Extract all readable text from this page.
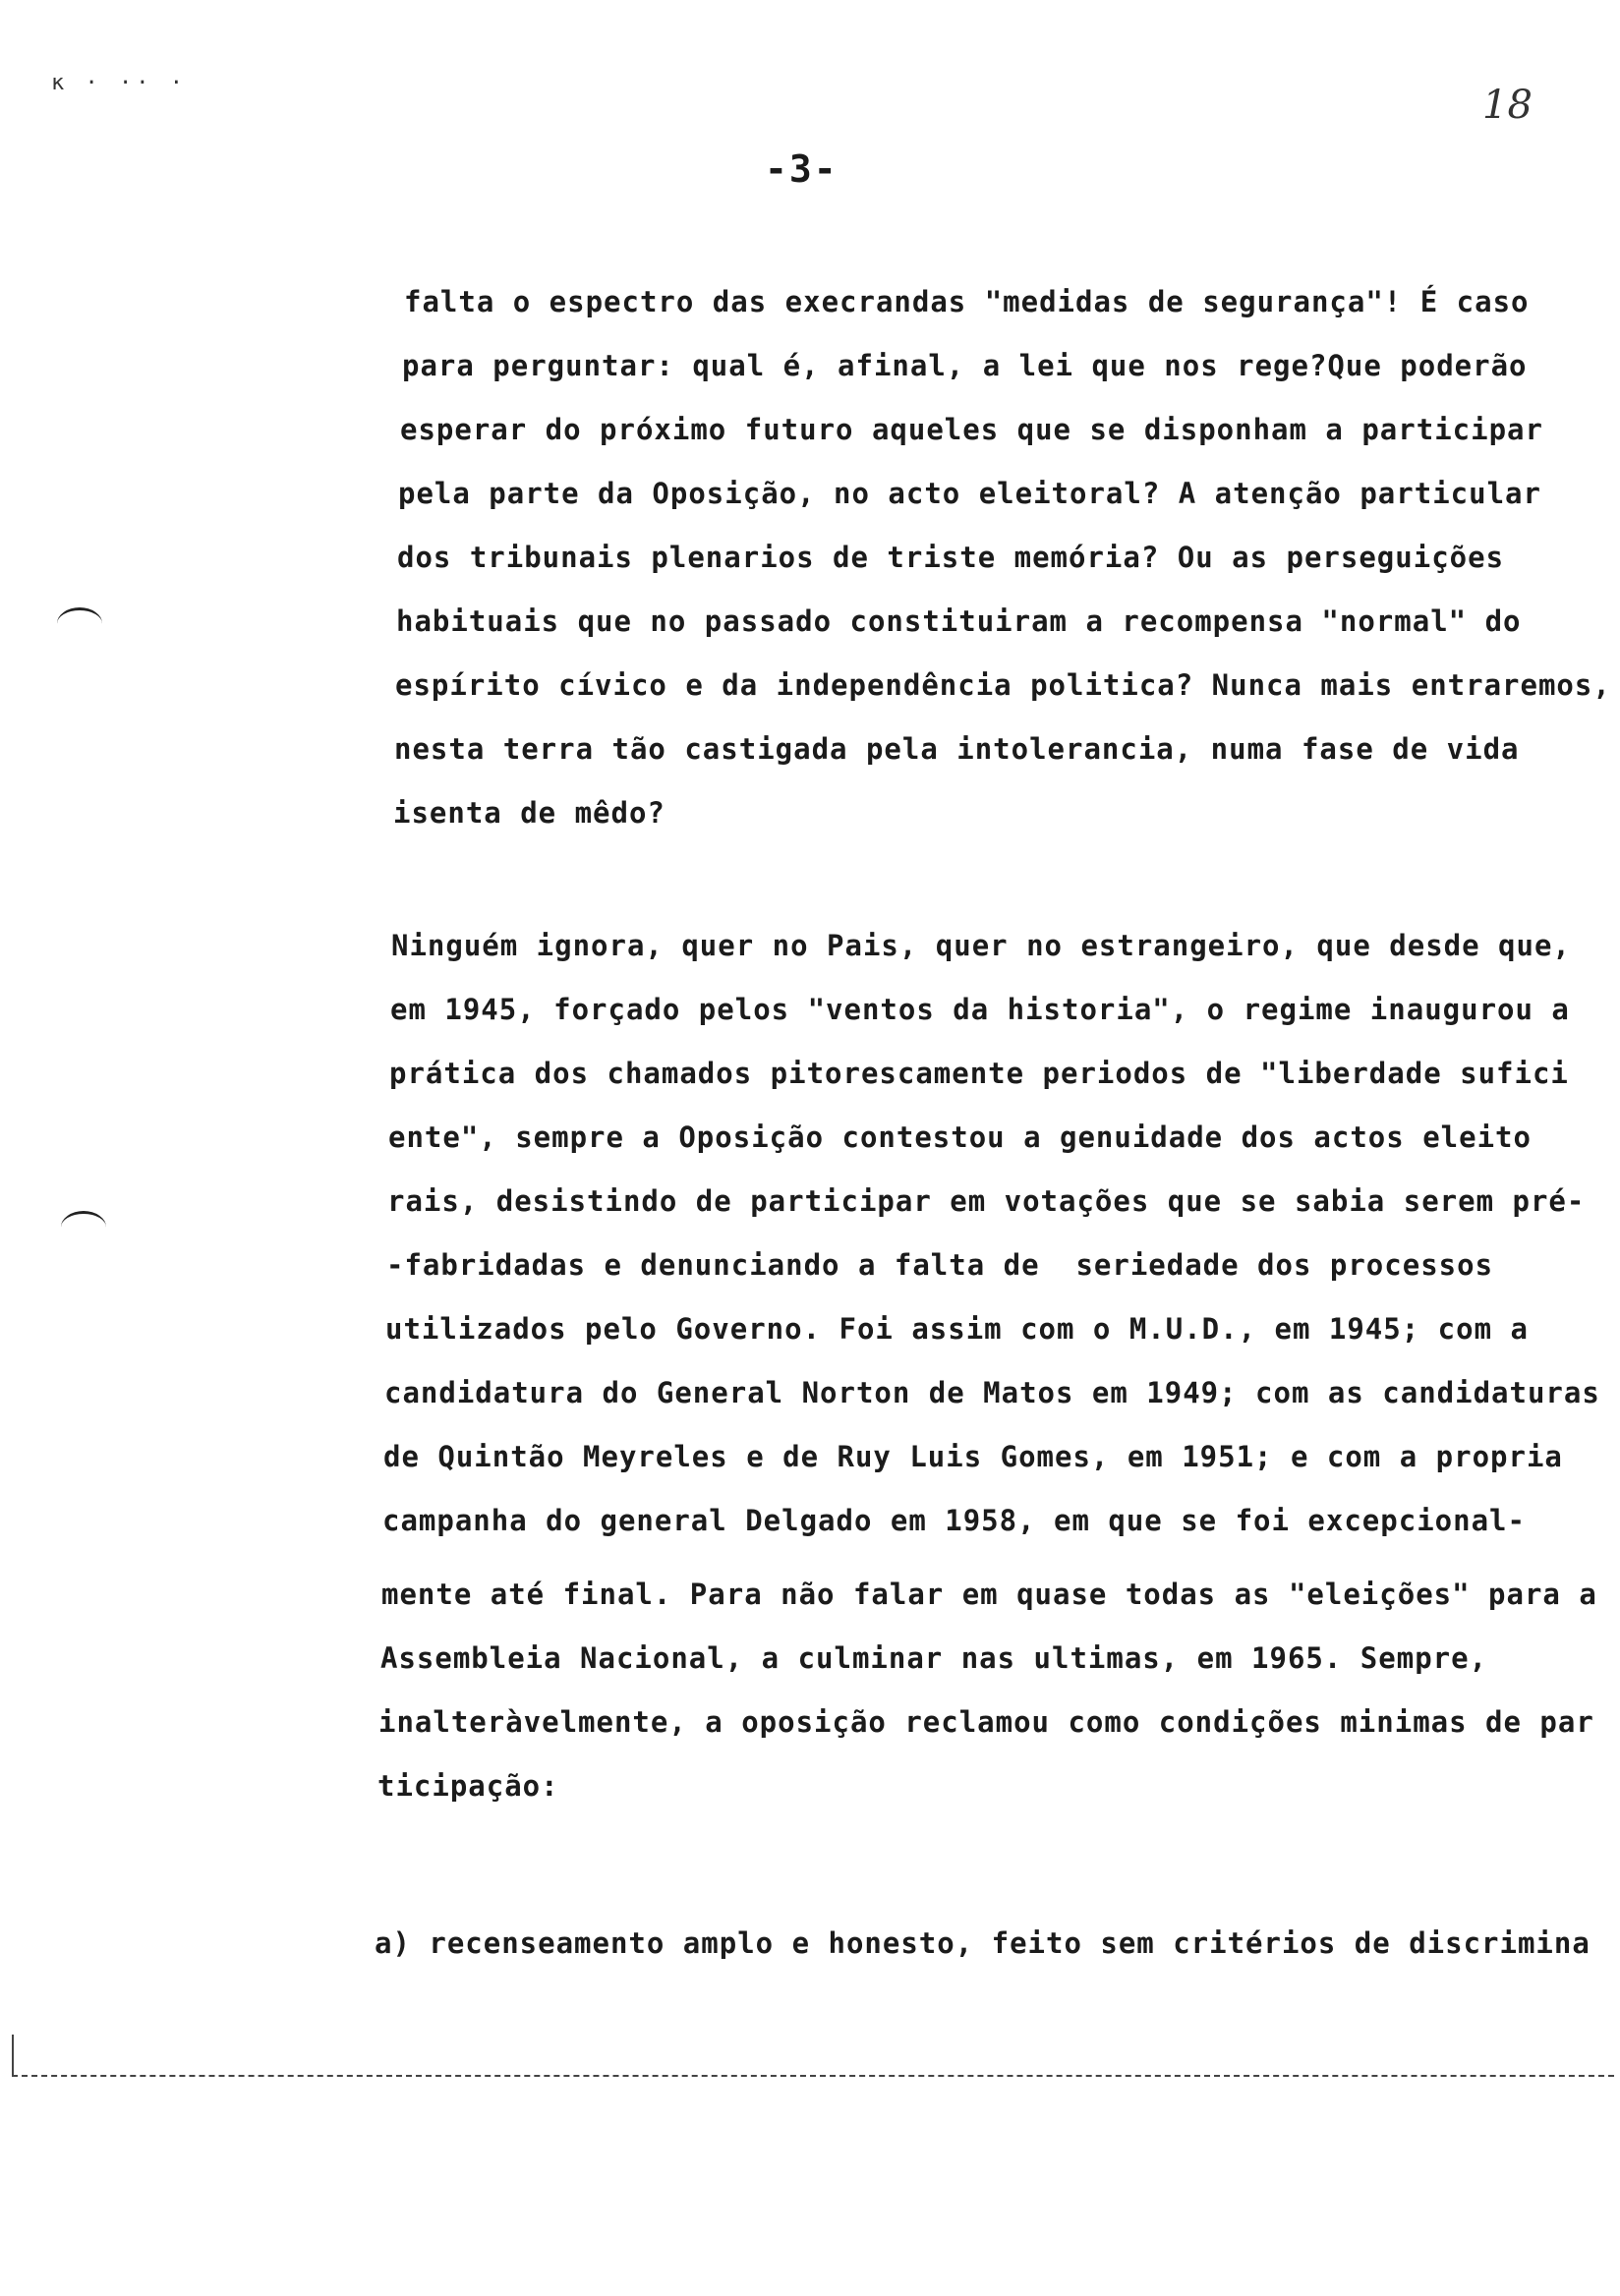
ĸ · ·· ·	18
-3-
falta o espectro das execrandas "medidas de segurança"! É caso
para perguntar: qual é, afinal, a lei que nos rege?Que poderão
esperar do próximo futuro aqueles que se disponham a participar
pela parte da Oposição, no acto eleitoral? A atenção particular
dos tribunais plenarios de triste memória? Ou as perseguições
habituais que no passado constituiram a recompensa "normal" do
espírito cívico e da independência politica? Nunca mais entraremos,
nesta terra tão castigada pela intolerancia, numa fase de vida
isenta de mêdo?
Ninguém ignora, quer no Pais, quer no estrangeiro, que desde que,
em 1945, forçado pelos "ventos da historia", o regime inaugurou a
prática dos chamados pitorescamente periodos de "liberdade sufici
ente", sempre a Oposição contestou a genuidade dos actos eleito
rais, desistindo de participar em votações que se sabia serem pré-
-fabridadas e denunciando a falta de  seriedade dos processos
utilizados pelo Governo. Foi assim com o M.U.D., em 1945; com a
candidatura do General Norton de Matos em 1949; com as candidaturas
de Quintão Meyreles e de Ruy Luis Gomes, em 1951; e com a propria
campanha do general Delgado em 1958, em que se foi excepcional-
mente até final. Para não falar em quase todas as "eleições" para a
Assembleia Nacional, a culminar nas ultimas, em 1965. Sempre,
inalteràvelmente, a oposição reclamou como condições minimas de par
ticipação:
a) recenseamento amplo e honesto, feito sem critérios de discrimina
